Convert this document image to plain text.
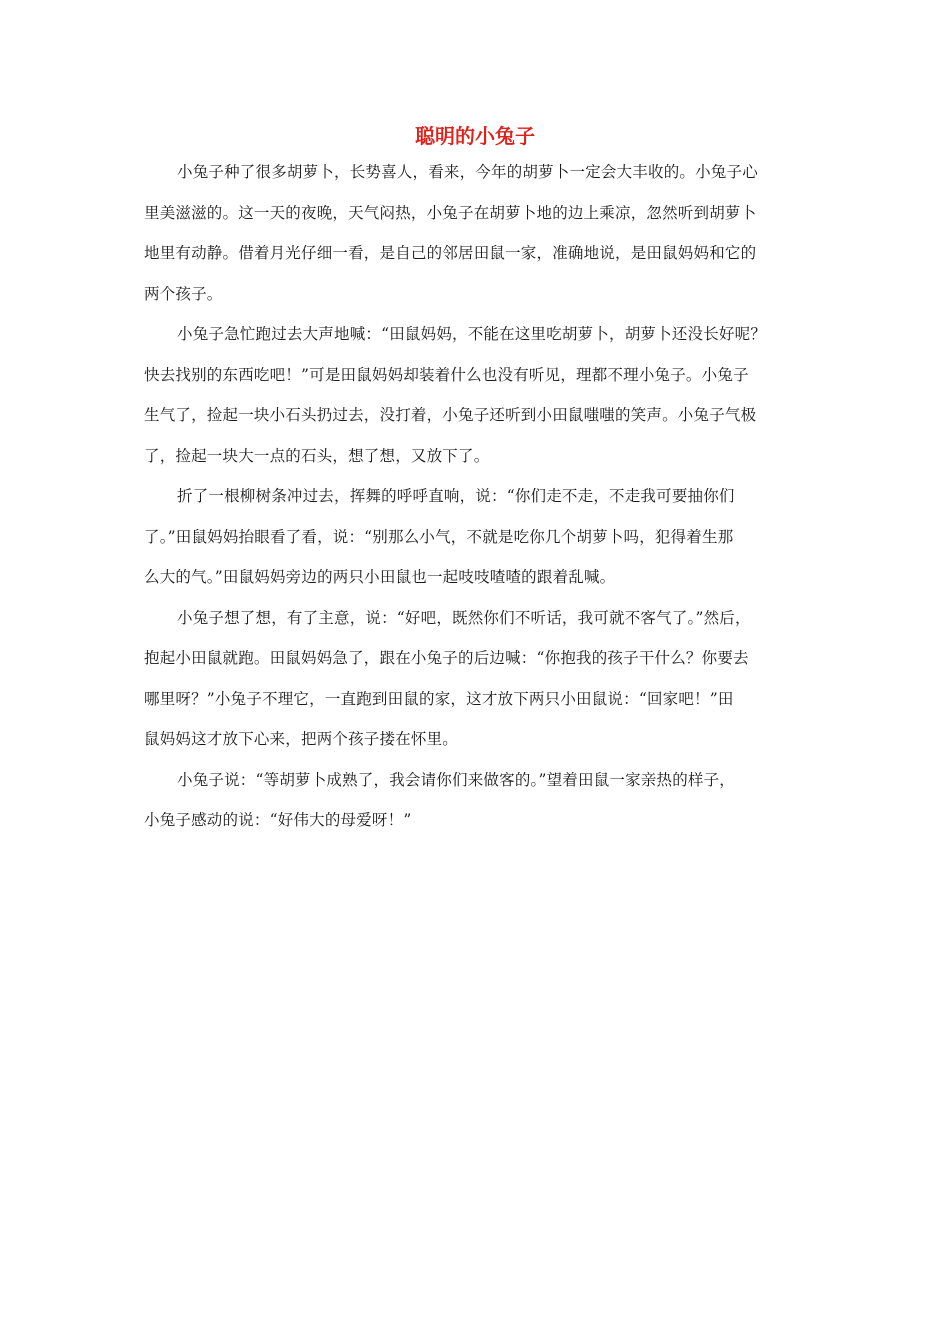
聪明的小兔子
小兔子种了很多胡萝卜，长势喜人，看来，今年的胡萝卜一定会大丰收的。小兔子心
里美滋滋的。这一天的夜晚，天气闷热，小兔子在胡萝卜地的边上乘凉，忽然听到胡萝卜
地里有动静。借着月光仔细一看，是自己的邻居田鼠一家，准确地说，是田鼠妈妈和它的
两个孩子。
小兔子急忙跑过去大声地喊：“田鼠妈妈，不能在这里吃胡萝卜，胡萝卜还没长好呢？
快去找别的东西吃吧！”可是田鼠妈妈却装着什么也没有听见，理都不理小兔子。小兔子
生气了，捡起一块小石头扔过去，没打着，小兔子还听到小田鼠嗤嗤的笑声。小兔子气极
了，捡起一块大一点的石头，想了想，又放下了。
折了一根柳树条冲过去，挥舞的呼呼直响，说：“你们走不走，不走我可要抽你们
了。”田鼠妈妈抬眼看了看，说：“别那么小气，不就是吃你几个胡萝卜吗，犯得着生那
么大的气。”田鼠妈妈旁边的两只小田鼠也一起吱吱喳喳的跟着乱喊。
小兔子想了想，有了主意，说：“好吧，既然你们不听话，我可就不客气了。”然后，
抱起小田鼠就跑。田鼠妈妈急了，跟在小兔子的后边喊：“你抱我的孩子干什么？你要去
哪里呀？”小兔子不理它，一直跑到田鼠的家，这才放下两只小田鼠说：“回家吧！”田
鼠妈妈这才放下心来，把两个孩子搂在怀里。
小兔子说：“等胡萝卜成熟了，我会请你们来做客的。”望着田鼠一家亲热的样子，
小兔子感动的说：“好伟大的母爱呀！”
